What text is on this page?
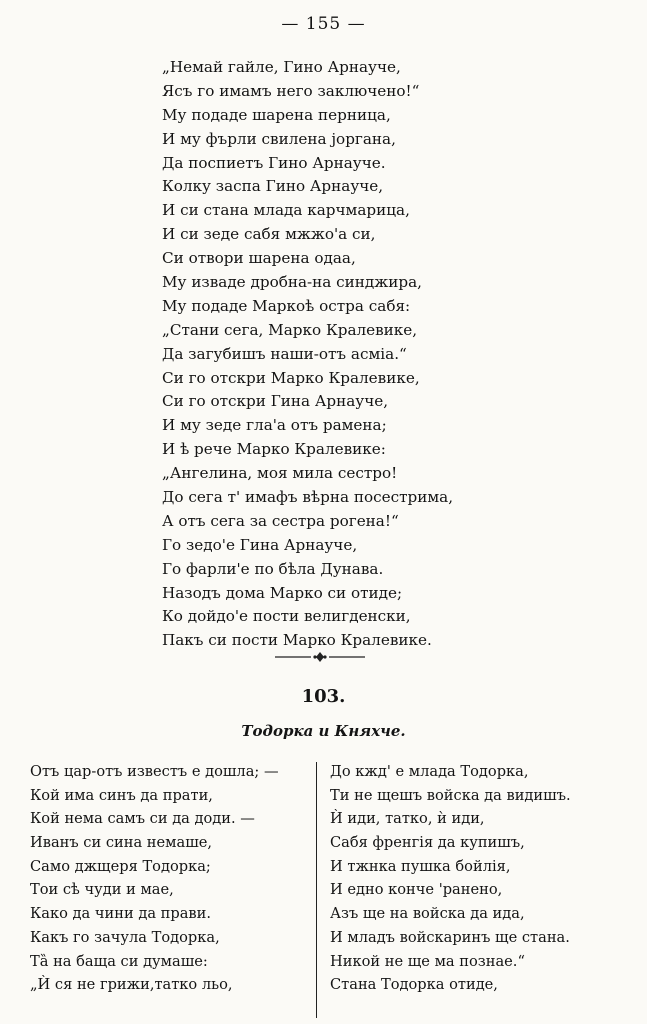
— 155 —
„Немай гайле, Гино Арнауче,
Ясъ го имамъ него заключено!“
Му подаде шарена перница,
И му фърли свилена јоргана,
Да поспиетъ Гино Арнауче.
Колку заспа Гино Арнауче,
И си стана млада карчмарица,
И си зеде сабя мжжо'а си,
Си отвори шарена одаа,
Му изваде дробна-на синджира,
Му подаде Маркоѣ остра сабя:
„Стани сега, Марко Кралевике,
Да загубишъ наши-отъ асмiа.“
Си го отскри Марко Кралевике,
Си го отскри Гина Арнауче,
И му зеде гла'а отъ рамена;
И ѣ рече Марко Кралевике:
„Ангелина, моя мила сестро!
До сега т' имафъ вѣрна посестрима,
А отъ сега за сестра рогена!“
Го зедо'е Гина Арнауче,
Го фарли'е по бѣла Дунава.
Назодъ дома Марко си отиде;
Ко дойдо'е пости велигденски,
Пакъ си пости Марко Кралевике.
103.
Тодорка и Княхче.
Отъ цар-отъ известъ е дошла; —
Кой има синъ да прати,
Кой нема самъ си да доди. —
Иванъ си сина немаше,
Само джщеря Тодорка;
Тои сѣ чуди и мае,
Како да чини да прави.
Какъ го зачула Тодорка,
Тȁ на баща си думаше:
„Ѝ ся не грижи,татко льо,
До кжд' е млада Тодорка,
Ти не щешъ войска да видишъ.
Ѝ иди, татко, ѝ иди,
Сабя френгiя да купишъ,
И тжнка пушка бойлiя,
И едно конче 'ранено,
Азъ ще на войска да ида,
И младъ войскаринъ ще стана.
Никой не ще ма познае.“
Стана Тодорка отиде,
